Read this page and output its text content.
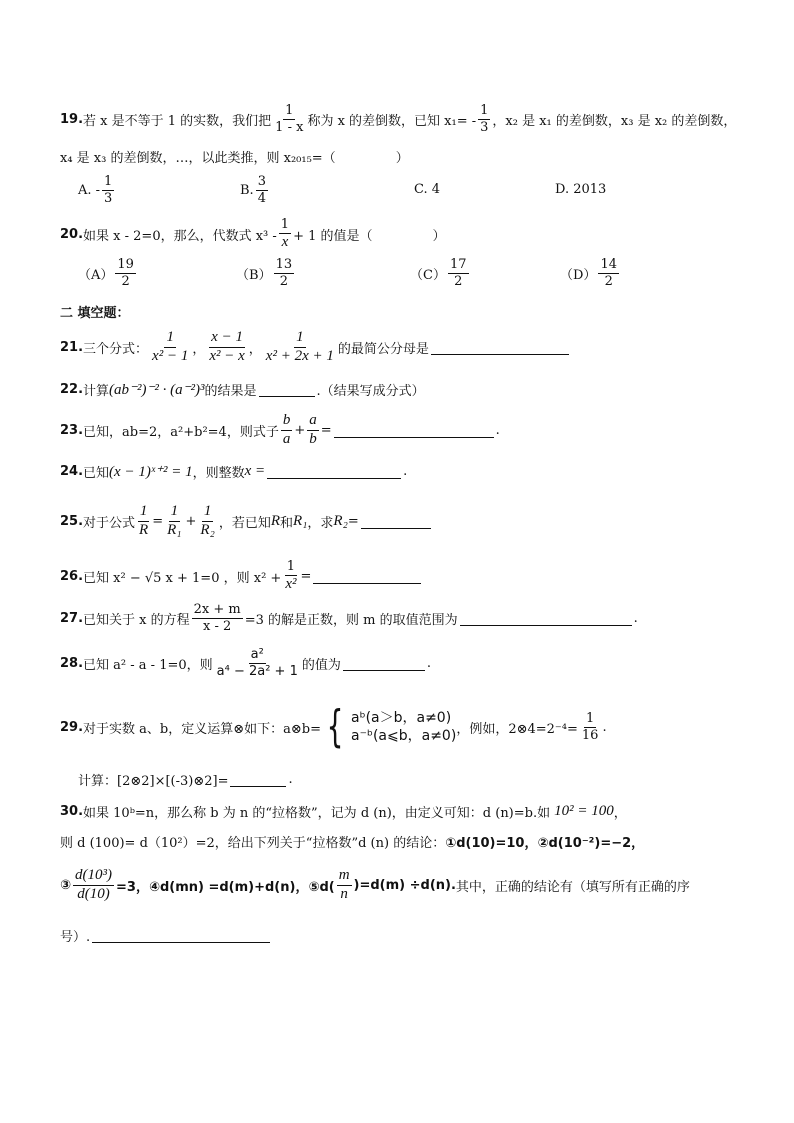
19. 若 x 是不等于 1 的实数，我们把 $\frac{1}{1 - x}$ 称为 x 的差倒数，已知 $x_1= - \frac{1}{3}$ ，x₂ 是 x₁ 的差倒数，x₃ 是 x₂ 的差倒数，
x₄ 是 x₃ 的差倒数，…，以此类推，则 x₂₀₁₅=（	）
A. - $\frac{1}{3}$	B. $\frac{3}{4}$	C. 4	D. 2013
20. 如果 x - 2=0，那么，代数式 $x^3 - \frac{1}{x} + 1$ 的值是（	）
$(A) \frac{19}{2}$	$(B) \frac{13}{2}$	$(C) \frac{17}{2}$	$(D) \frac{14}{2}$
二 填空题：
21. 三个分式： $\frac{1}{\text{x² − 1}}$ ， $\frac{x - 1}{\text{x² − x}}$ ， $\frac{1}{\text{x² + 2x + 1}}$ 的最简公分母是
22. 计算 (ab⁻²)⁻² · (a⁻²)³ 的结果是	.（结果写成分式）
23. 已知，ab=2，a²+b²=4，则式子 $\frac{b}{a} + \frac{a}{b}$ =	.
24. 已知 (x − 1)ˣ⁺² = 1 ，则整数 x =	.
25. 对于公式 $\frac{1}{R} = \frac{1}{\text{R₁}} + \frac{1}{\text{R₂}}$ ，若已知 R 和 R₁ ，求 R₂ =
26. 已知 x² − √5 x + 1=0 ，则 $x^2 + \frac{1}{\text{x²}}$ =
27. 已知关于 x 的方程 $\frac{2x + m}{x - 2} =3$ 的解是正数，则 m 的取值范围为	.
28. 已知 a² - a - 1=0，则 $\frac{\text{a²}}{\text{a⁴ − 2a² + 1}}$ 的值为	.
29. 对于实数 a、b，定义运算⊗如下：a⊗b= { aᵇ(a＞b，a≠0)
a⁻ᵇ(a⩽b，a≠0) ，例如，2⊗4=2⁻⁴= $\frac{1}{16}$ .
计算：[2⊗2]×[(-3)⊗2]=	.
30. 如果 10ᵇ=n，那么称 b 为 n 的“拉格数”，记为 d (n)，由定义可知：d (n)=b.如 10² = 100 ，
则 d (100)= d（10²）=2，给出下列关于“拉格数”d (n) 的结论： ①d(10)=10，②d(10⁻²)=−2，
③ $\frac{\text{d(10³)}}{d(10)} =3$，④d(mn) =d(m)+d(n)，⑤d( $\frac{m}{n} )=d(m) \div d(n)$. 其中，正确的结论有（填写所有正确的序
号）.
